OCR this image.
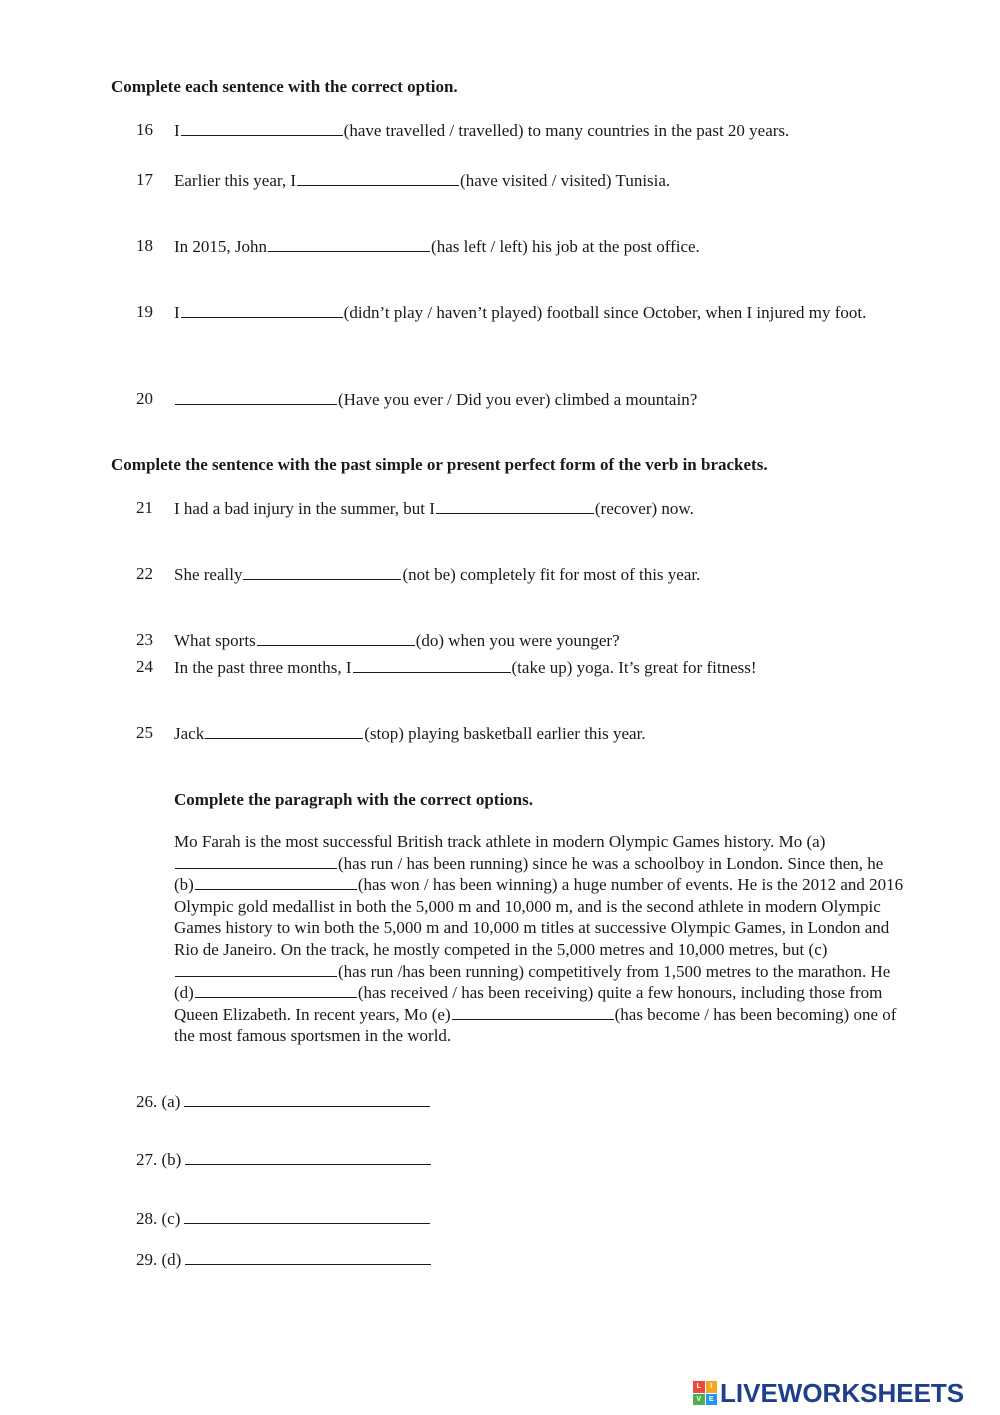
Complete each sentence with the correct option.
16	I	(have travelled / travelled) to many countries in the past 20 years.
17	Earlier this year, I	(have visited / visited) Tunisia.
18	In 2015, John	(has left / left) his job at the post office.
19	I	(didn’t play / haven’t played) football since October, when I injured my foot.
20	(Have you ever / Did you ever) climbed a mountain?
Complete the sentence with the past simple or present perfect form of the verb in brackets.
21	I had a bad injury in the summer, but I	(recover) now.
22	She really	(not be) completely fit for most of this year.
23	What sports	(do) when you were younger?
24	In the past three months, I	(take up) yoga. It’s great for fitness!
25	Jack	(stop) playing basketball earlier this year.
Complete the paragraph with the correct options.
Mo Farah is the most successful British track athlete in modern Olympic Games history. Mo (a)(has run / has been running) since he was a schoolboy in London. Since then, he (b)	(has won / has been winning) a huge number of events. He is the 2012 and 2016 Olympic gold medallist in both the 5,000 m and 10,000 m, and is the second athlete in modern Olympic Games history to win both the 5,000 m and 10,000 m titles at successive Olympic Games, in London and Rio de Janeiro. On the track, he mostly competed in the 5,000 metres and 10,000 metres, but (c)(has run /has been running) competitively from 1,500 metres to the marathon. He (d)	(has received / has been receiving) quite a few honours, including those from Queen Elizabeth. In recent years, Mo (e)	(has become / has been becoming) one of the most famous sportsmen in the world.
26. (a)
27. (b)
28. (c)
29. (d)
L	I
V	E LIVEWORKSHEETS
